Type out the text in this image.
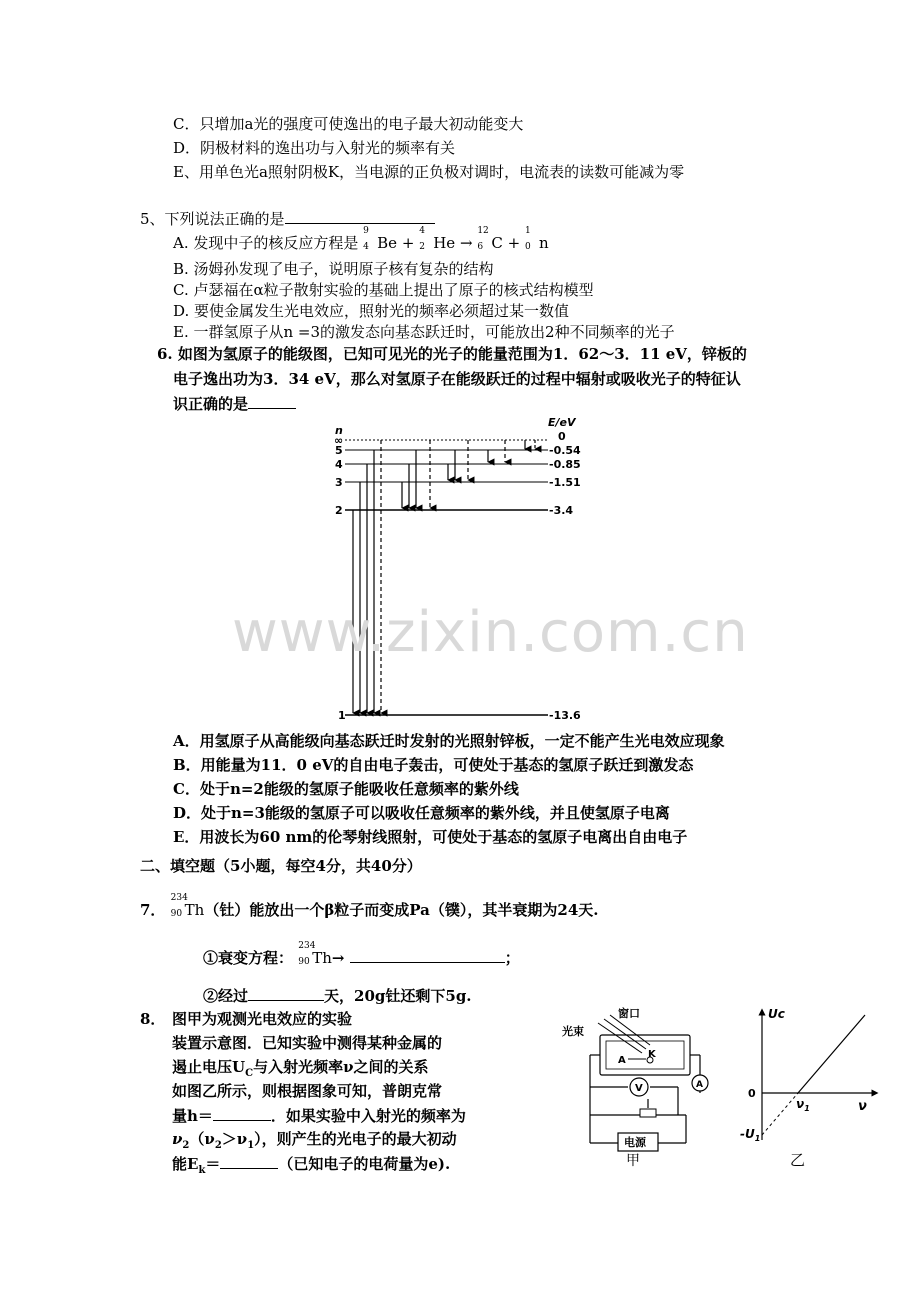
C．只增加a光的强度可使逸出的电子最大初动能变大
D．阴极材料的逸出功与入射光的频率有关
E、用单色光a照射阴极K，当电源的正负极对调时，电流表的读数可能减为零
5、下列说法正确的是
A. 发现中子的核反应方程是
9
4 Be +
4
2 He →
12
6 C +
1
0 n
B. 汤姆孙发现了电子，说明原子核有复杂的结构
C. 卢瑟福在α粒子散射实验的基础上提出了原子的核式结构模型
D. 要使金属发生光电效应，照射光的频率必须超过某一数值
E. 一群氢原子从n =3的激发态向基态跃迁时，可能放出2种不同频率的光子
6. 如图为氢原子的能级图，已知可见光的光子的能量范围为1．62～3．11 eV，锌板的
电子逸出功为3．34 eV，那么对氢原子在能级跃迁的过程中辐射或吸收光子的特征认
识正确的是
n
E/eV
∞
5
4
3
2
1
0
-0.54
-0.85
-1.51
-3.4
-13.6
www.zixin.com.cn
A．用氢原子从高能级向基态跃迁时发射的光照射锌板，一定不能产生光电效应现象
B．用能量为11．0 eV的自由电子轰击，可使处于基态的氢原子跃迁到激发态
C．处于n=2能级的氢原子能吸收任意频率的紫外线
D．处于n=3能级的氢原子可以吸收任意频率的紫外线，并且使氢原子电离
E．用波长为60 nm的伦琴射线照射，可使处于基态的氢原子电离出自由电子
二、填空题（5小题，每空4分，共40分）
7．
234
90 Th（钍）能放出一个β粒子而变成Pa（镤），其半衰期为24天.
①衰变方程：
234
90 Th→	；
②经过	天，20g钍还剩下5g.
8． 图甲为观测光电效应的实验
装置示意图．已知实验中测得某种金属的
遏止电压$U_C$与入射光频率ν之间的关系
如图乙所示，则根据图象可知，普朗克常
量h＝	．如果实验中入射光的频率为
$\nu_2(\nu_2>\nu_1)$，则产生的光电子的最大初动
能$E_k=$	（已知电子的电荷量为e).
窗口
光束
K
A
V	A
电源
甲
Uc
ν
0
$\nu_1$
$-U_1$
乙
